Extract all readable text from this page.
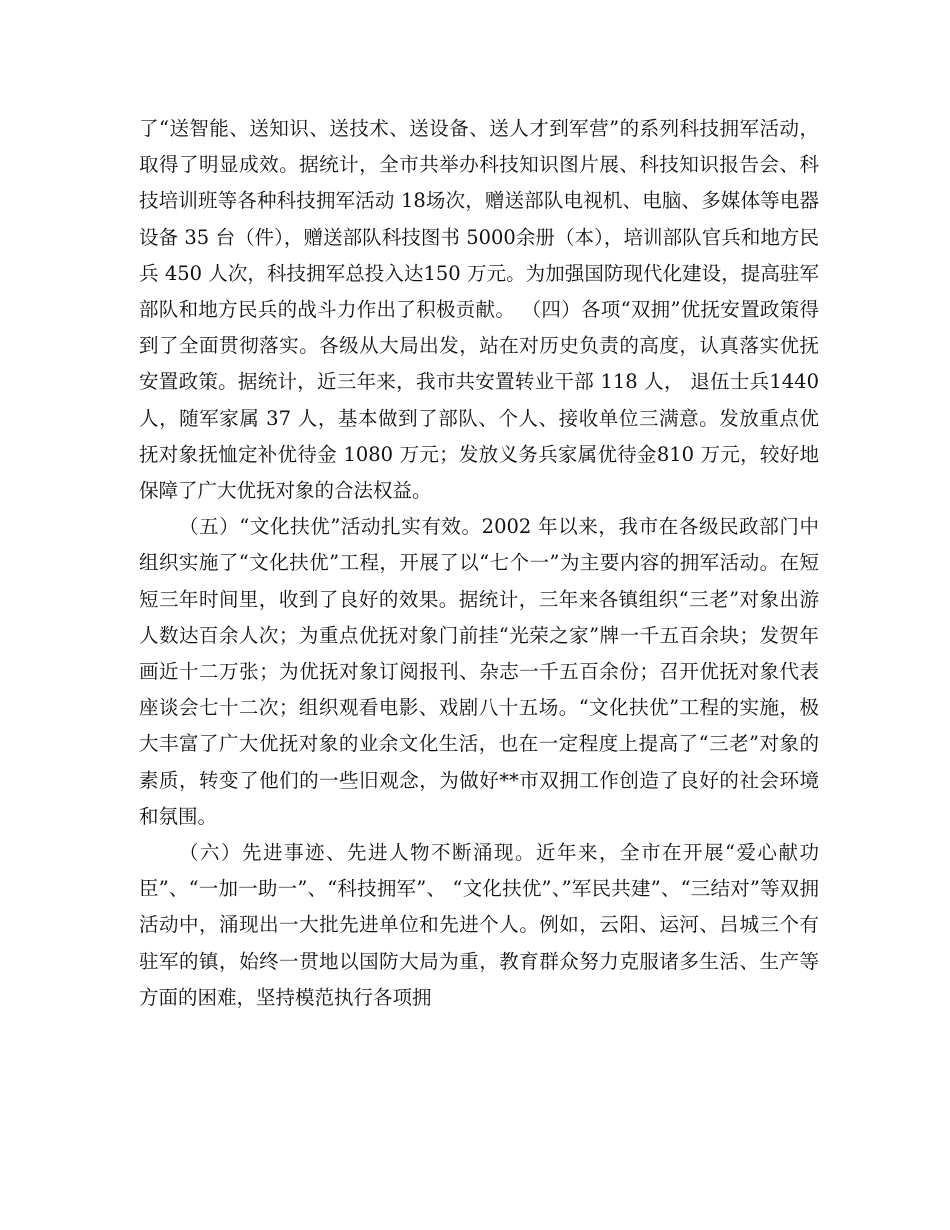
了“送智能、送知识、送技术、送设备、送人才到军营”的系列科技拥军活动，取得了明显成效。据统计，全市共举办科技知识图片展、科技知识报告会、科技培训班等各种科技拥军活动 18场次，赠送部队电视机、电脑、多媒体等电器设备 35 台（件），赠送部队科技图书 5000余册（本），培训部队官兵和地方民兵 450 人次，科技拥军总投入达150 万元。为加强国防现代化建设，提高驻军部队和地方民兵的战斗力作出了积极贡献。 （四）各项“双拥”优抚安置政策得到了全面贯彻落实。各级从大局出发，站在对历史负责的高度，认真落实优抚安置政策。据统计，近三年来，我市共安置转业干部 118 人， 退伍士兵1440 人，随军家属 37 人，基本做到了部队、个人、接收单位三满意。发放重点优抚对象抚恤定补优待金 1080 万元；发放义务兵家属优待金810 万元，较好地保障了广大优抚对象的合法权益。

（五）“文化扶优”活动扎实有效。2002 年以来，我市在各级民政部门中组织实施了“文化扶优”工程，开展了以“七个一”为主要内容的拥军活动。在短短三年时间里，收到了良好的效果。据统计，三年来各镇组织“三老”对象出游人数达百余人次；为重点优抚对象门前挂“光荣之家”牌一千五百余块；发贺年画近十二万张；为优抚对象订阅报刊、杂志一千五百余份；召开优抚对象代表座谈会七十二次；组织观看电影、戏剧八十五场。“文化扶优”工程的实施，极大丰富了广大优抚对象的业余文化生活，也在一定程度上提高了“三老”对象的素质，转变了他们的一些旧观念，为做好**市双拥工作创造了良好的社会环境和氛围。

（六）先进事迹、先进人物不断涌现。近年来，全市在开展“爱心献功臣”、“一加一助一”、“科技拥军”、 “文化扶优”、”军民共建”、“三结对”等双拥活动中，涌现出一大批先进单位和先进个人。例如，云阳、运河、吕城三个有驻军的镇，始终一贯地以国防大局为重，教育群众努力克服诸多生活、生产等方面的困难，坚持模范执行各项拥
